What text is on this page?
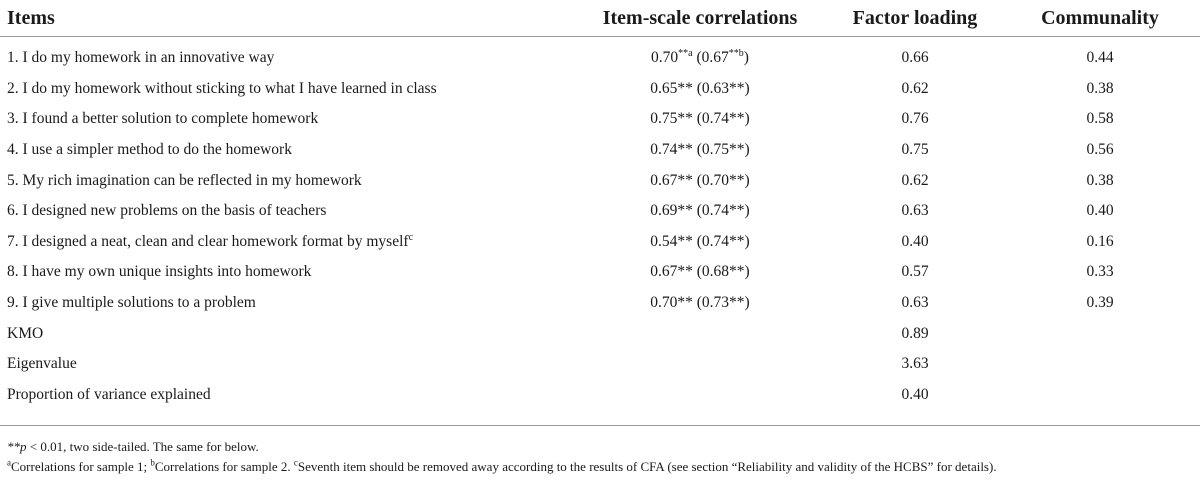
Items	Item-scale correlations	Factor loading	Communality
1. I do my homework in an innovative way	0.70$^{**a}$ (0.67$^{**b}$)	0.66	0.44
2. I do my homework without sticking to what I have learned in class	0.65** (0.63**)	0.62	0.38
3. I found a better solution to complete homework	0.75** (0.74**)	0.76	0.58
4. I use a simpler method to do the homework	0.74** (0.75**)	0.75	0.56
5. My rich imagination can be reflected in my homework	0.67** (0.70**)	0.62	0.38
6. I designed new problems on the basis of teachers	0.69** (0.74**)	0.63	0.40
7. I designed a neat, clean and clear homework format by myself$^c$	0.54** (0.74**)	0.40	0.16
8. I have my own unique insights into homework	0.67** (0.68**)	0.57	0.33
9. I give multiple solutions to a problem	0.70** (0.73**)	0.63	0.39
KMO		0.89	
Eigenvalue		3.63	
Proportion of variance explained		0.40	
**p < 0.01, two side-tailed. The same for below.
$^a$Correlations for sample 1; $^b$Correlations for sample 2. $^c$Seventh item should be removed away according to the results of CFA (see section “Reliability and validity of the HCBS” for details).
